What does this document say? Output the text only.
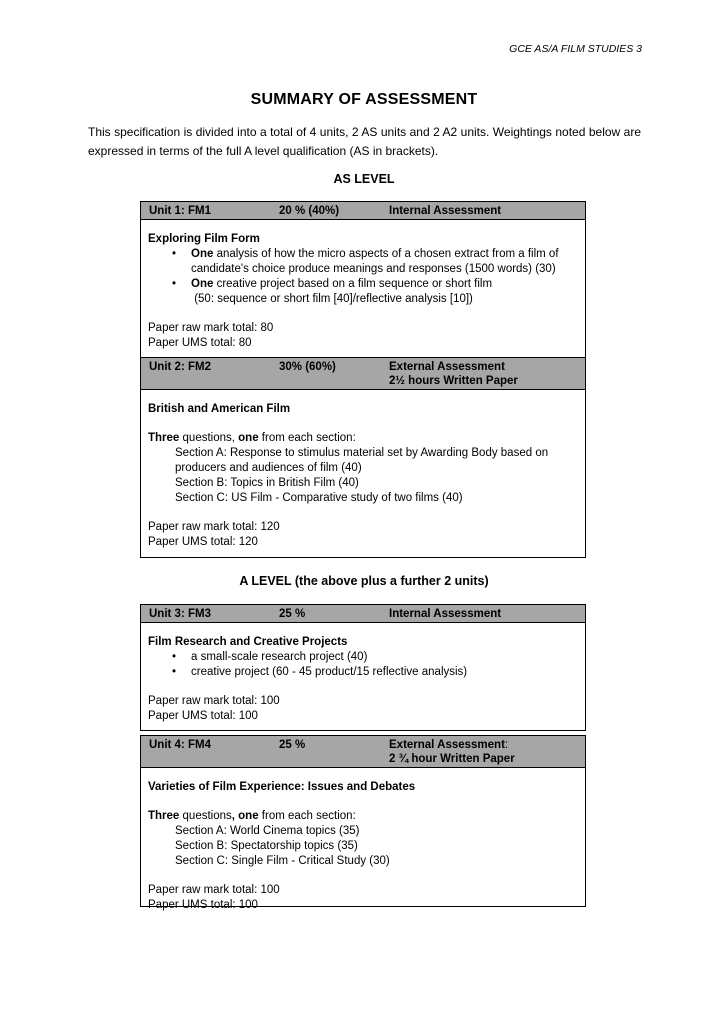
GCE AS/A FILM STUDIES 3
SUMMARY OF ASSESSMENT

This specification is divided into a total of 4 units, 2 AS units and 2 A2 units. Weightings noted below are expressed in terms of the full A level qualification (AS in brackets).

AS LEVEL
Unit 1: FM1	20 % (40%)	Internal Assessment
Exploring Film Form
• One analysis of how the micro aspects of a chosen extract from a film of candidate's choice produce meanings and responses (1500 words) (30)
• One creative project based on a film sequence or short film
(50: sequence or short film [40]/reflective analysis [10])
Paper raw mark total: 80
Paper UMS total: 80
Unit 2: FM2	30% (60%)	External Assessment
2½ hours Written Paper
British and American Film
Three questions, one from each section:
Section A: Response to stimulus material set by Awarding Body based on producers and audiences of film (40)
Section B: Topics in British Film (40)
Section C: US Film - Comparative study of two films (40)
Paper raw mark total: 120
Paper UMS total: 120
A LEVEL (the above plus a further 2 units)
Unit 3: FM3	25 %	Internal Assessment
Film Research and Creative Projects
• a small-scale research project (40)
• creative project (60 - 45 product/15 reflective analysis)
Paper raw mark total: 100
Paper UMS total: 100
Unit 4: FM4	25 %	External Assessment:
2 ¾ hour Written Paper
Varieties of Film Experience: Issues and Debates
Three questions, one from each section:
Section A: World Cinema topics (35)
Section B: Spectatorship topics (35)
Section C: Single Film - Critical Study (30)
Paper raw mark total: 100
Paper UMS total: 100
